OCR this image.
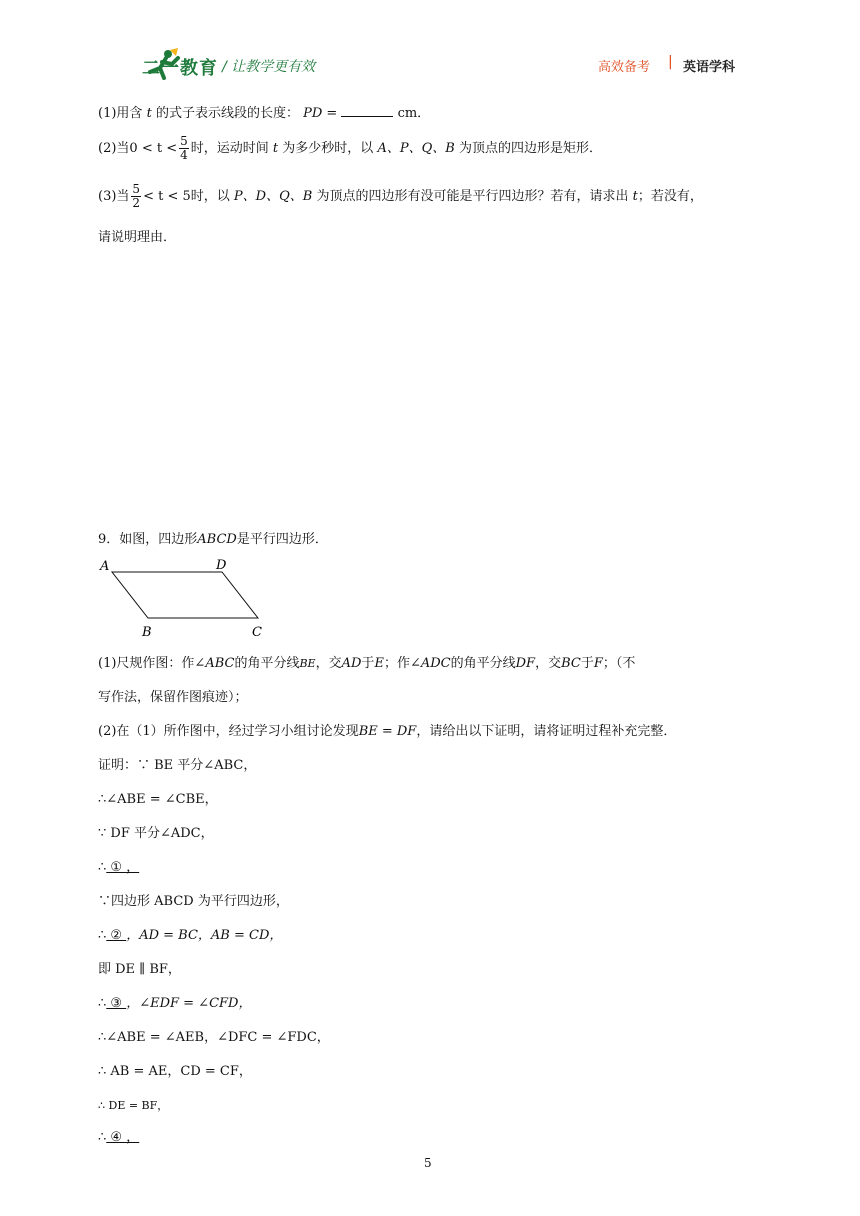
二一教育 / 让教学更有效	高效备考 | 英语学科
(1)用含 t 的式子表示线段的长度： PD =	cm．
(2)当$0 < t < \frac{5}{4}$ 时，运动时间 t 为多少秒时，以 A、P、Q、B 为顶点的四边形是矩形．
(3)当 $\frac{5}{2} < t < 5$时，以 P、D、Q、B 为顶点的四边形有没可能是平行四边形？若有，请求出 t；若没有，
请说明理由．
9．如图，四边形ABCD是平行四边形．
A	D
B	C
(1)尺规作图：作∠ABC的角平分线BE，交AD于E；作∠ADC的角平分线DF，交BC于F；（不
写作法，保留作图痕迹）；
(2)在（1）所作图中，经过学习小组讨论发现BE = DF，请给出以下证明，请将证明过程补充完整．
证明：∵ BE 平分∠ABC，
∴∠ABE = ∠CBE，
∵ DF 平分∠ADC，
∴ ① ，
∵四边形 ABCD 为平行四边形，
∴ ② ，AD = BC，AB = CD，
即 DE ∥ BF，
∴ ③ ，∠EDF = ∠CFD，
∴∠ABE = ∠AEB，∠DFC = ∠FDC，
∴ AB = AE，CD = CF，
∴ DE = BF，
∴ ④ ，
5
